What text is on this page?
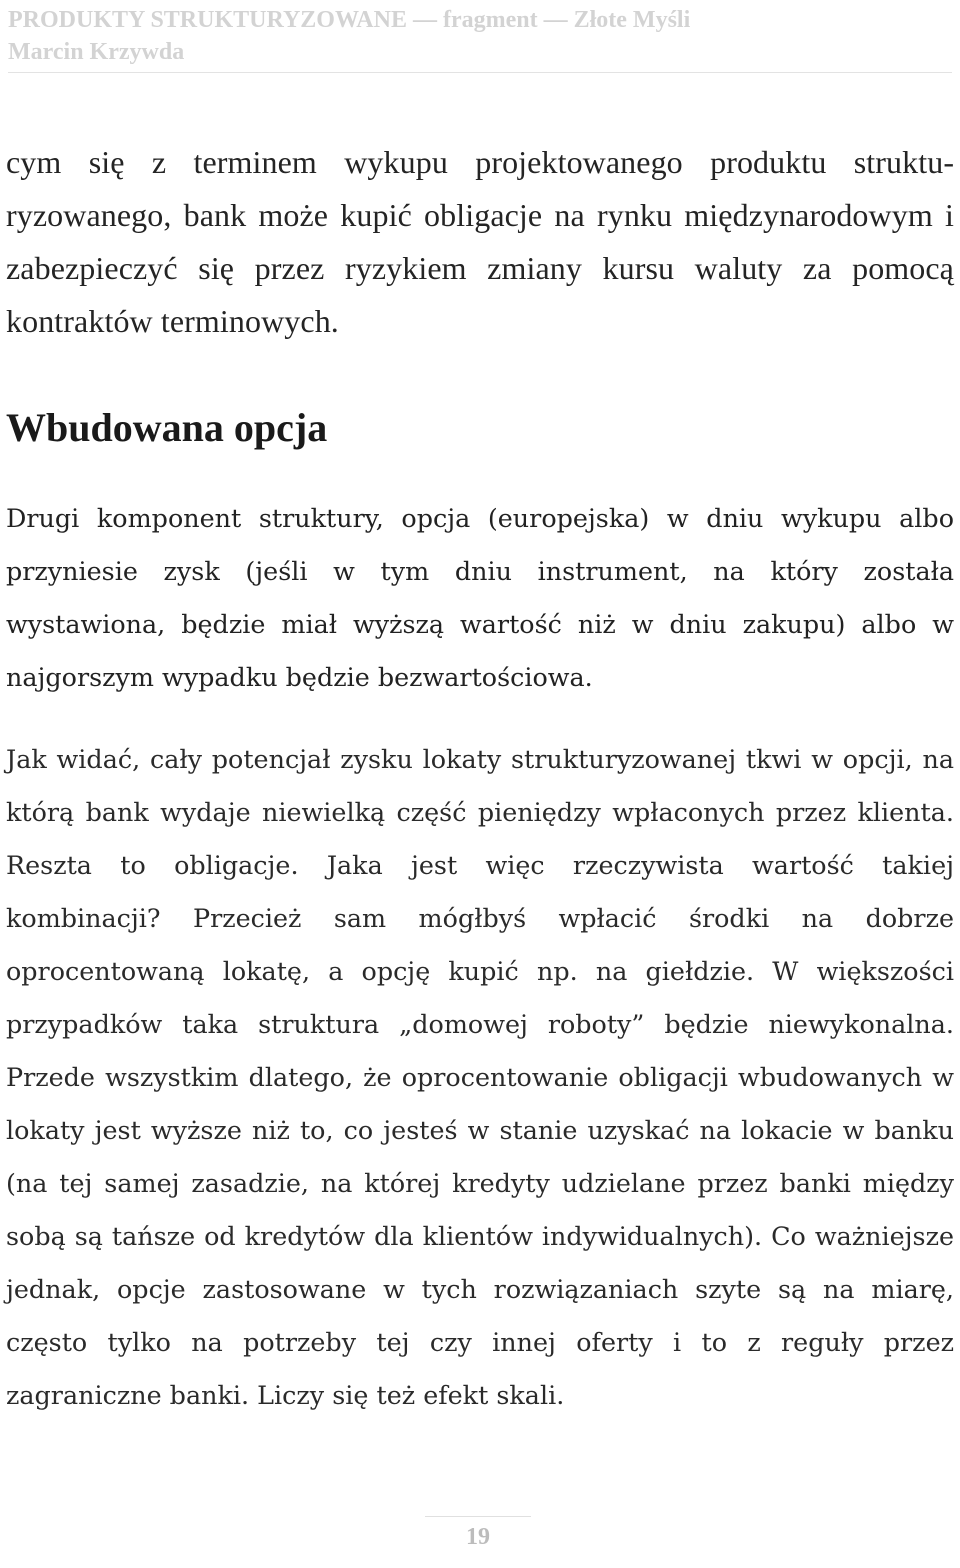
PRODUKTY STRUKTURYZOWANE — fragment — Złote Myśli
Marcin Krzywda

cym się z terminem wykupu projektowanego produktu strukturyzowanego, bank może kupić obligacje na rynku międzynarodowym i zabezpieczyć się przez ryzykiem zmiany kursu waluty za pomocą kontraktów terminowych.

Wbudowana opcja

Drugi komponent struktury, opcja (europejska) w dniu wykupu albo przyniesie zysk (jeśli w tym dniu instrument, na który została wystawiona, będzie miał wyższą wartość niż w dniu zakupu) albo w najgorszym wypadku będzie bezwartościowa.

Jak widać, cały potencjał zysku lokaty strukturyzowanej tkwi w opcji, na którą bank wydaje niewielką część pieniędzy wpłaconych przez klienta. Reszta to obligacje. Jaka jest więc rzeczywista wartość takiej kombinacji? Przecież sam mógłbyś wpłacić środki na dobrze oprocentowaną lokatę, a opcję kupić np. na giełdzie. W większości przypadków taka struktura „domowej roboty” będzie niewykonalna. Przede wszystkim dlatego, że oprocentowanie obligacji wbudowanych w lokaty jest wyższe niż to, co jesteś w stanie uzyskać na lokacie w banku (na tej samej zasadzie, na której kredyty udzielane przez banki między sobą są tańsze od kredytów dla klientów indywidualnych). Co ważniejsze jednak, opcje zastosowane w tych rozwiązaniach szyte są na miarę, często tylko na potrzeby tej czy innej oferty i to z reguły przez zagraniczne banki. Liczy się też efekt skali.

19
